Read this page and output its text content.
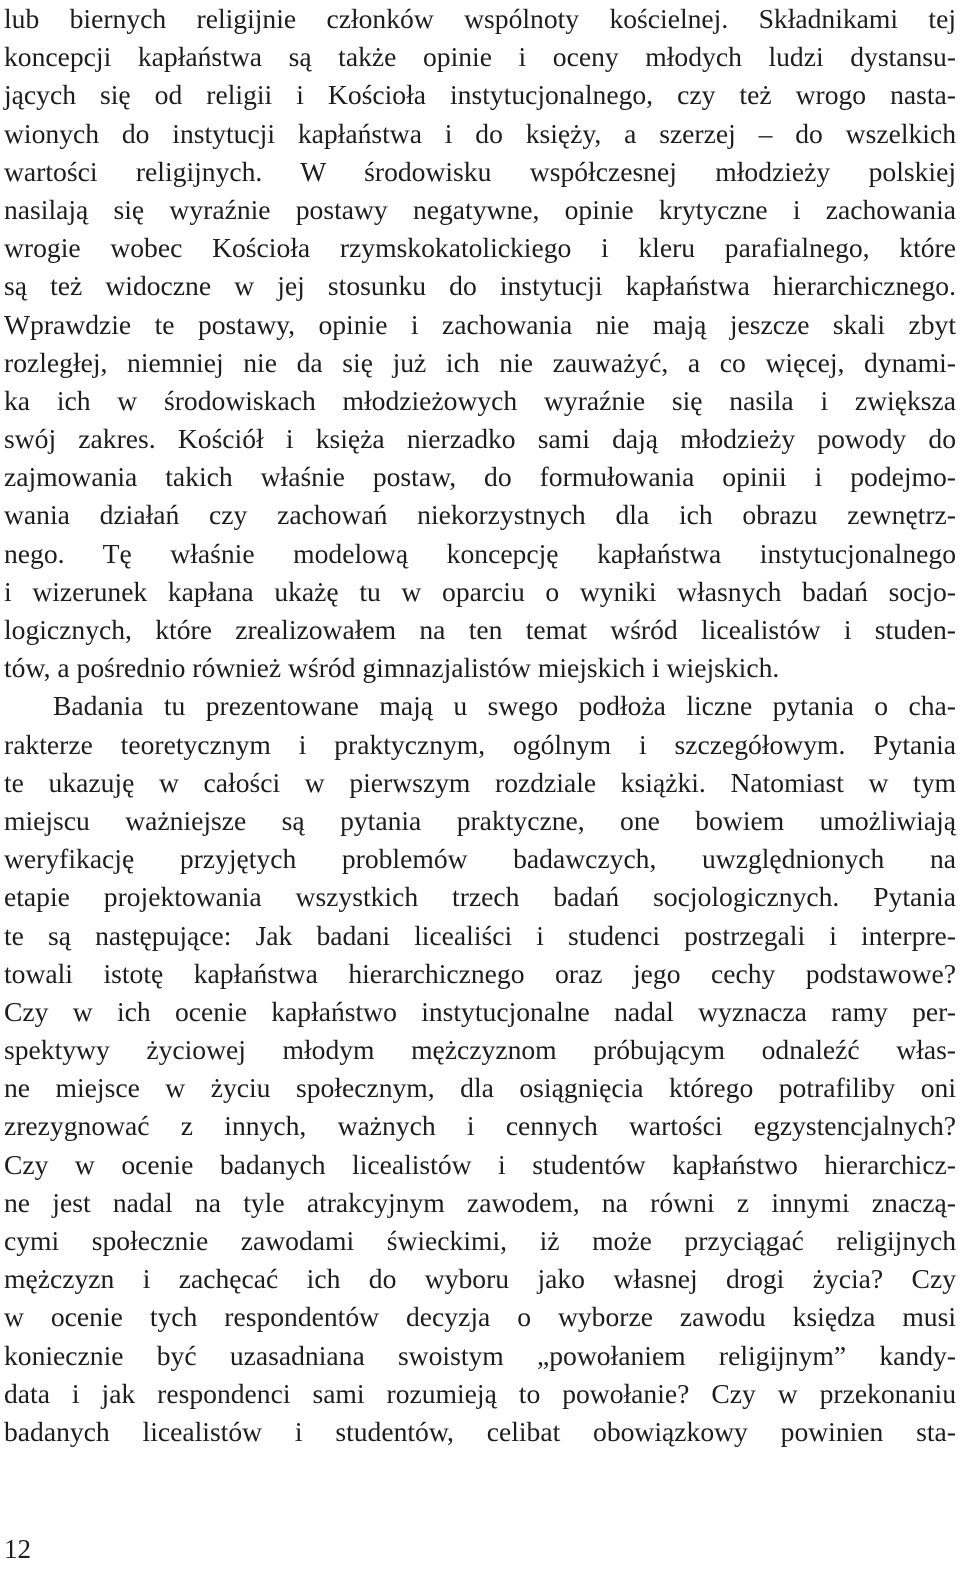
lub biernych religijnie członków wspólnoty kościelnej. Składnikami tej
koncepcji kapłaństwa są także opinie i oceny młodych ludzi dystansu-
jących się od religii i Kościoła instytucjonalnego, czy też wrogo nasta-
wionych do instytucji kapłaństwa i do księży, a szerzej – do wszelkich
wartości religijnych. W środowisku współczesnej młodzieży polskiej
nasilają się wyraźnie postawy negatywne, opinie krytyczne i zachowania
wrogie wobec Kościoła rzymskokatolickiego i kleru parafialnego, które
są też widoczne w jej stosunku do instytucji kapłaństwa hierarchicznego.
Wprawdzie te postawy, opinie i zachowania nie mają jeszcze skali zbyt
rozległej, niemniej nie da się już ich nie zauważyć, a co więcej, dynami-
ka ich w środowiskach młodzieżowych wyraźnie się nasila i zwiększa
swój zakres. Kościół i księża nierzadko sami dają młodzieży powody do
zajmowania takich właśnie postaw, do formułowania opinii i podejmo-
wania działań czy zachowań niekorzystnych dla ich obrazu zewnętrz-
nego. Tę właśnie modelową koncepcję kapłaństwa instytucjonalnego
i wizerunek kapłana ukażę tu w oparciu o wyniki własnych badań socjo-
logicznych, które zrealizowałem na ten temat wśród licealistów i studen-
tów, a pośrednio również wśród gimnazjalistów miejskich i wiejskich.
Badania tu prezentowane mają u swego podłoża liczne pytania o cha-
rakterze teoretycznym i praktycznym, ogólnym i szczegółowym. Pytania
te ukazuję w całości w pierwszym rozdziale książki. Natomiast w tym
miejscu ważniejsze są pytania praktyczne, one bowiem umożliwiają
weryfikację przyjętych problemów badawczych, uwzględnionych na
etapie projektowania wszystkich trzech badań socjologicznych. Pytania
te są następujące: Jak badani licealiści i studenci postrzegali i interpre-
towali istotę kapłaństwa hierarchicznego oraz jego cechy podstawowe?
Czy w ich ocenie kapłaństwo instytucjonalne nadal wyznacza ramy per-
spektywy życiowej młodym mężczyznom próbującym odnaleźć włas-
ne miejsce w życiu społecznym, dla osiągnięcia którego potrafiliby oni
zrezygnować z innych, ważnych i cennych wartości egzystencjalnych?
Czy w ocenie badanych licealistów i studentów kapłaństwo hierarchicz-
ne jest nadal na tyle atrakcyjnym zawodem, na równi z innymi znaczą-
cymi społecznie zawodami świeckimi, iż może przyciągać religijnych
mężczyzn i zachęcać ich do wyboru jako własnej drogi życia? Czy
w ocenie tych respondentów decyzja o wyborze zawodu księdza musi
koniecznie być uzasadniana swoistym „powołaniem religijnym” kandy-
data i jak respondenci sami rozumieją to powołanie? Czy w przekonaniu
badanych licealistów i studentów, celibat obowiązkowy powinien sta-
12
